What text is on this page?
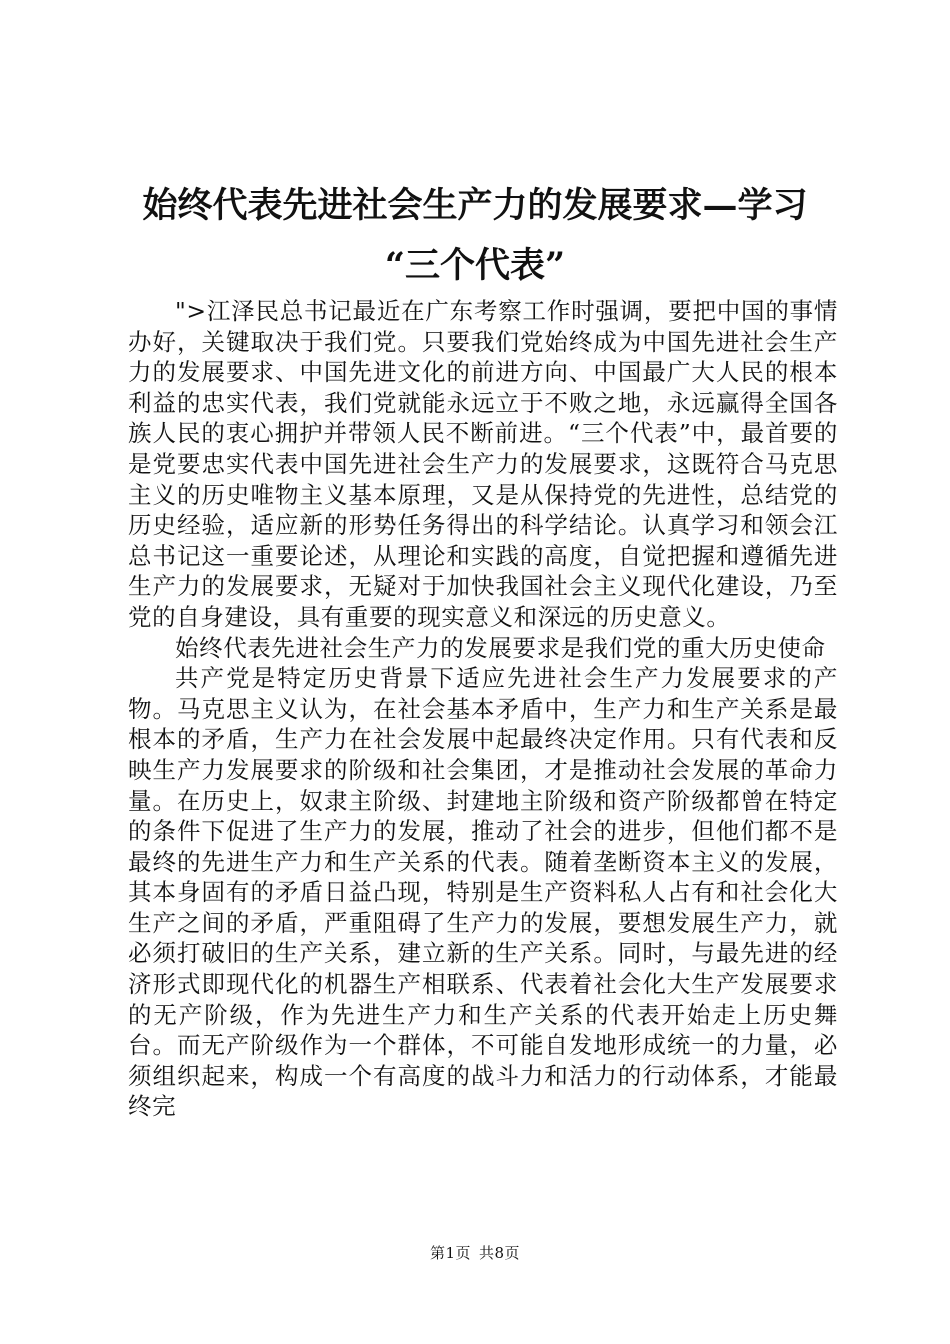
始终代表先进社会生产力的发展要求—学习
“三个代表”

">江泽民总书记最近在广东考察工作时强调，要把中国的事情办好，关键取决于我们党。只要我们党始终成为中国先进社会生产力的发展要求、中国先进文化的前进方向、中国最广大人民的根本利益的忠实代表，我们党就能永远立于不败之地，永远赢得全国各族人民的衷心拥护并带领人民不断前进。“三个代表”中，最首要的是党要忠实代表中国先进社会生产力的发展要求，这既符合马克思主义的历史唯物主义基本原理，又是从保持党的先进性，总结党的历史经验，适应新的形势任务得出的科学结论。认真学习和领会江总书记这一重要论述，从理论和实践的高度，自觉把握和遵循先进生产力的发展要求，无疑对于加快我国社会主义现代化建设，乃至党的自身建设，具有重要的现实意义和深远的历史意义。

始终代表先进社会生产力的发展要求是我们党的重大历史使命

共产党是特定历史背景下适应先进社会生产力发展要求的产物。马克思主义认为，在社会基本矛盾中，生产力和生产关系是最根本的矛盾，生产力在社会发展中起最终决定作用。只有代表和反映生产力发展要求的阶级和社会集团，才是推动社会发展的革命力量。在历史上，奴隶主阶级、封建地主阶级和资产阶级都曾在特定的条件下促进了生产力的发展，推动了社会的进步，但他们都不是最终的先进生产力和生产关系的代表。随着垄断资本主义的发展，其本身固有的矛盾日益凸现，特别是生产资料私人占有和社会化大生产之间的矛盾，严重阻碍了生产力的发展，要想发展生产力，就必须打破旧的生产关系，建立新的生产关系。同时，与最先进的经济形式即现代化的机器生产相联系、代表着社会化大生产发展要求的无产阶级，作为先进生产力和生产关系的代表开始走上历史舞台。而无产阶级作为一个群体，不可能自发地形成统一的力量，必须组织起来，构成一个有高度的战斗力和活力的行动体系，才能最终完

第1页 共8页
